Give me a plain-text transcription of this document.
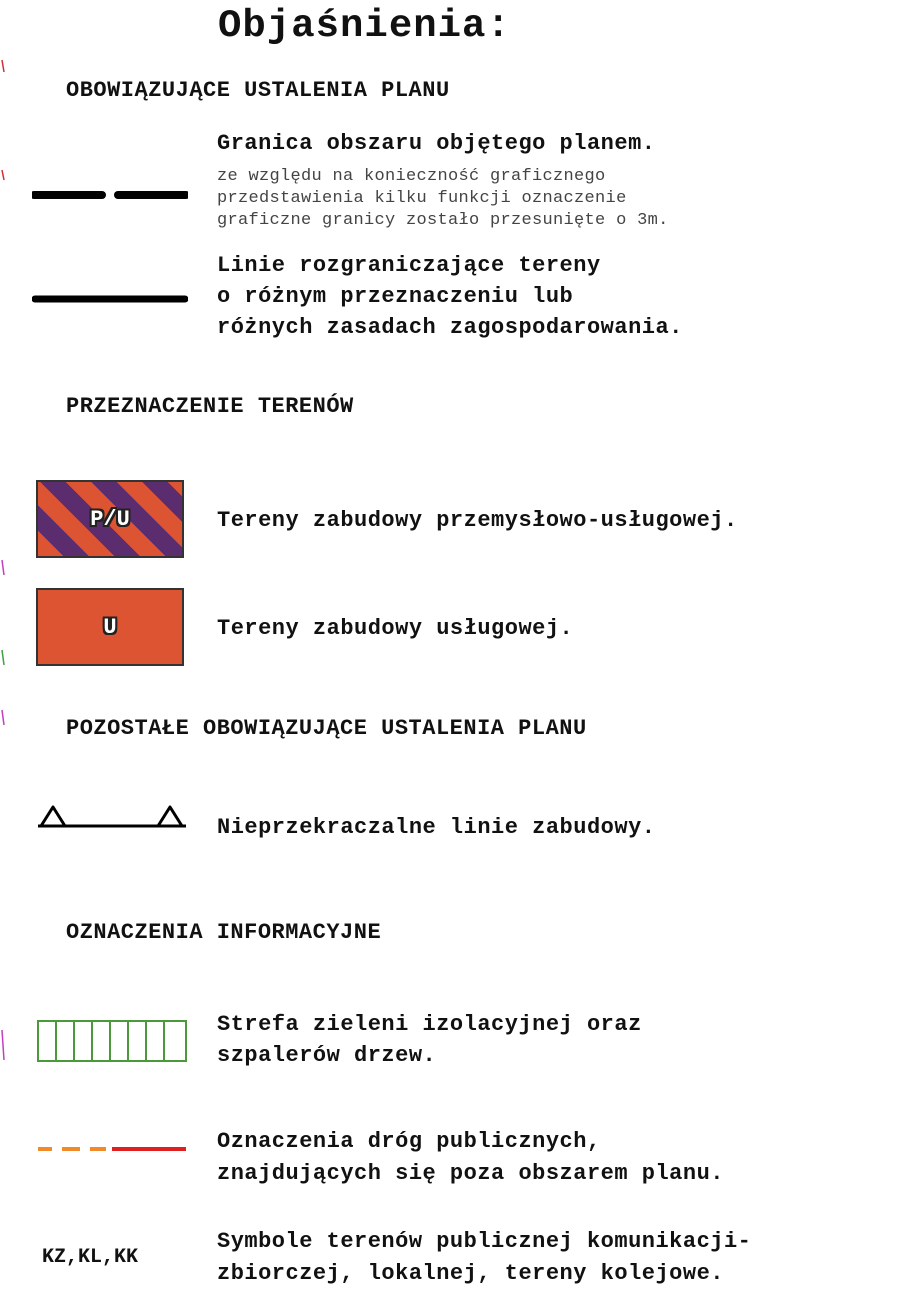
Objaśnienia:
OBOWIĄZUJĄCE USTALENIA PLANU
Granica obszaru objętego planem.
ze względu na konieczność graficznego
przedstawienia kilku funkcji oznaczenie
graficzne granicy zostało przesunięte o 3m.
Linie rozgraniczające tereny
o różnym przeznaczeniu lub
różnych zasadach zagospodarowania.
PRZEZNACZENIE TERENÓW
P/U	Tereny zabudowy przemysłowo-usługowej.
U	Tereny zabudowy usługowej.
POZOSTAŁE OBOWIĄZUJĄCE USTALENIA PLANU
Nieprzekraczalne linie zabudowy.
OZNACZENIA INFORMACYJNE
Strefa zieleni izolacyjnej oraz
szpalerów drzew.
Oznaczenia dróg publicznych,
znajdujących się poza obszarem planu.
KZ,KL,KK
Symbole terenów publicznej komunikacji-
zbiorczej, lokalnej, tereny kolejowe.
